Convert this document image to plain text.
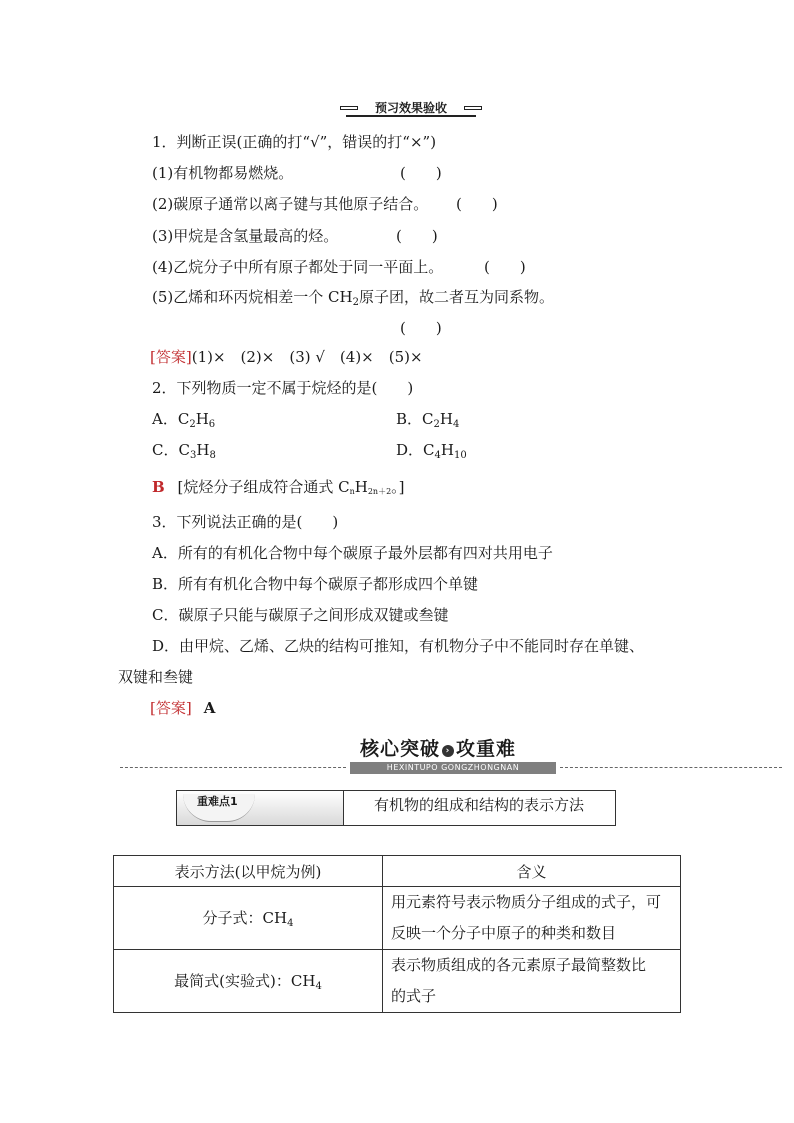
预习效果验收
1．判断正误(正确的打“√”，错误的打“×”)
(1)有机物都易燃烧。	(　　)
(2)碳原子通常以离子键与其他原子结合。 (　　)
(3)甲烷是含氢量最高的烃。	(　　)
(4)乙烷分子中所有原子都处于同一平面上。	(　　)
(5)乙烯和环丙烷相差一个 $CH_2$原子团，故二者互为同系物。
(　　)
[答案](1)×　(2)×　(3) √　(4)×　(5)×
2．下列物质一定不属于烷烃的是(　　)
A．$C_2H_6$	B．$C_2H_4$
C．$C_3H_8$	D．$C_4H_{10}$
B [烷烃分子组成符合通式 $C_nH_{2n+2}$。]
3．下列说法正确的是(　　)
A．所有的有机化合物中每个碳原子最外层都有四对共用电子
B．所有有机化合物中每个碳原子都形成四个单键
C．碳原子只能与碳原子之间形成双键或叁键
D．由甲烷、乙烯、乙炔的结构可推知，有机物分子中不能同时存在单键、
双键和叁键
[答案] A
核心突破 › 攻重难
HEXINTUPO GONGZHONGNAN
重难点1	有机物的组成和结构的表示方法
表示方法(以甲烷为例)	含义
分子式：$CH_4$	用元素符号表示物质分子组成的式子，可
反映一个分子中原子的种类和数目

最简式(实验式)：$CH_4$	表示物质组成的各元素原子最简整数比
的式子
